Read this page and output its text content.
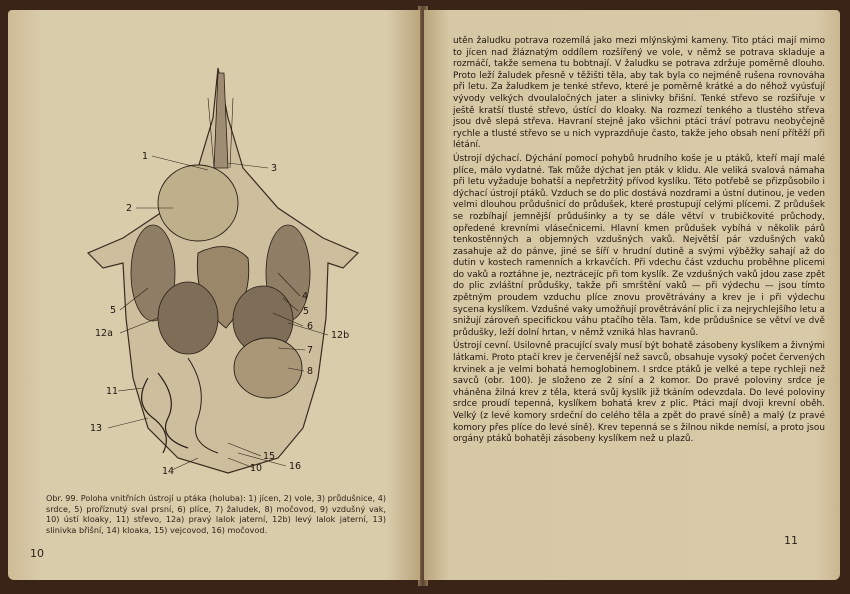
1
2
3
4
5	5
6
7
8
10
11
12a	12b
13
14
15
16
Obr. 99. Poloha vnitřních ústrojí u ptáka (holuba): 1) jícen, 2) vole, 3) průdušnice, 4) srdce, 5) proříznutý sval prsní, 6) plíce, 7) žaludek, 8) močovod, 9) vzdušný vak, 10) ústí kloaky, 11) střevo, 12a) pravý lalok jaterní, 12b) levý lalok jaterní, 13) slinivka břišní, 14) kloaka, 15) vejcovod, 16) močovod.
10

utěn žaludku potrava rozemílá jako mezi mlýnskými kameny. Tito ptáci mají mimo to jícen nad žláznatým oddílem rozšířený ve vole, v němž se potrava skladuje a rozmáčí, takže semena tu bobtnají. V žaludku se potrava zdržuje poměrně dlouho. Proto leží žaludek přesně v těžišti těla, aby tak byla co nejméně rušena rovnováha při letu. Za žaludkem je tenké střevo, které je poměrně krátké a do něhož vyúsťují vývody velkých dvoulaločných jater a slinivky břišní. Tenké střevo se rozšiřuje v ještě kratší tlusté střevo, ústící do kloaky. Na rozmezí tenkého a tlustého střeva jsou dvě slepá střeva. Havraní stejně jako všichni ptáci tráví potravu neobyčejně rychle a tlusté střevo se u nich vyprazdňuje často, takže jeho obsah není přítěží při létání.

Ústrojí dýchací. Dýchání pomocí pohybů hrudního koše je u ptáků, kteří mají malé plíce, málo vydatné. Tak může dýchat jen pták v klidu. Ale veliká svalová námaha při letu vyžaduje bohatší a nepřetržitý přívod kyslíku. Této potřebě se přizpůsobilo i dýchací ústrojí ptáků. Vzduch se do plic dostává nozdrami a ústní dutinou, je veden velmi dlouhou průdušnicí do průdušek, které prostupují celými plícemi. Z průdušek se rozbíhají jemnější průdušinky a ty se dále větví v trubičkovité průchody, opředené krevními vlásečnicemi. Hlavní kmen průdušek vybíhá v několik párů tenkostěnných a objemných vzdušných vaků. Největší pár vzdušných vaků zasahuje až do pánve, jiné se šíří v hrudní dutině a svými výběžky sahají až do dutin v kostech ramenních a krkavčích. Při vdechu část vzduchu proběhne plicemi do vaků a roztáhne je, neztrácejíc při tom kyslík. Ze vzdušných vaků jdou zase zpět do plic zvláštní průdušky, takže při smrštění vaků — při výdechu — jsou tímto zpětným proudem vzduchu plíce znovu provětrávány a krev je i při výdechu sycena kyslíkem. Vzdušné vaky umožňují provětrávání plic i za nejrychlejšího letu a snižují zároveň specifickou váhu ptačího těla. Tam, kde průdušnice se větví ve dvě průdušky, leží dolní hrtan, v němž vzniká hlas havranů.

Ústrojí cevní. Usilovně pracující svaly musí být bohatě zásobeny kyslíkem a živnými látkami. Proto ptačí krev je červenější než savců, obsahuje vysoký počet červených krvinek a je velmi bohatá hemoglobinem. I srdce ptáků je velké a tepe rychleji než savců (obr. 100). Je složeno ze 2 síní a 2 komor. Do pravé poloviny srdce je vháněna žilná krev z těla, která svůj kyslík již tkáním odevzdala. Do levé poloviny srdce proudí tepenná, kyslíkem bohatá krev z plic. Ptáci mají dvoji krevní oběh. Velký (z levé komory srdeční do celého těla a zpět do pravé síně) a malý (z pravé komory přes plíce do levé síně). Krev tepenná se s žilnou nikde nemísí, a proto jsou orgány ptáků bohatěji zásobeny kyslíkem než u plazů.

11
